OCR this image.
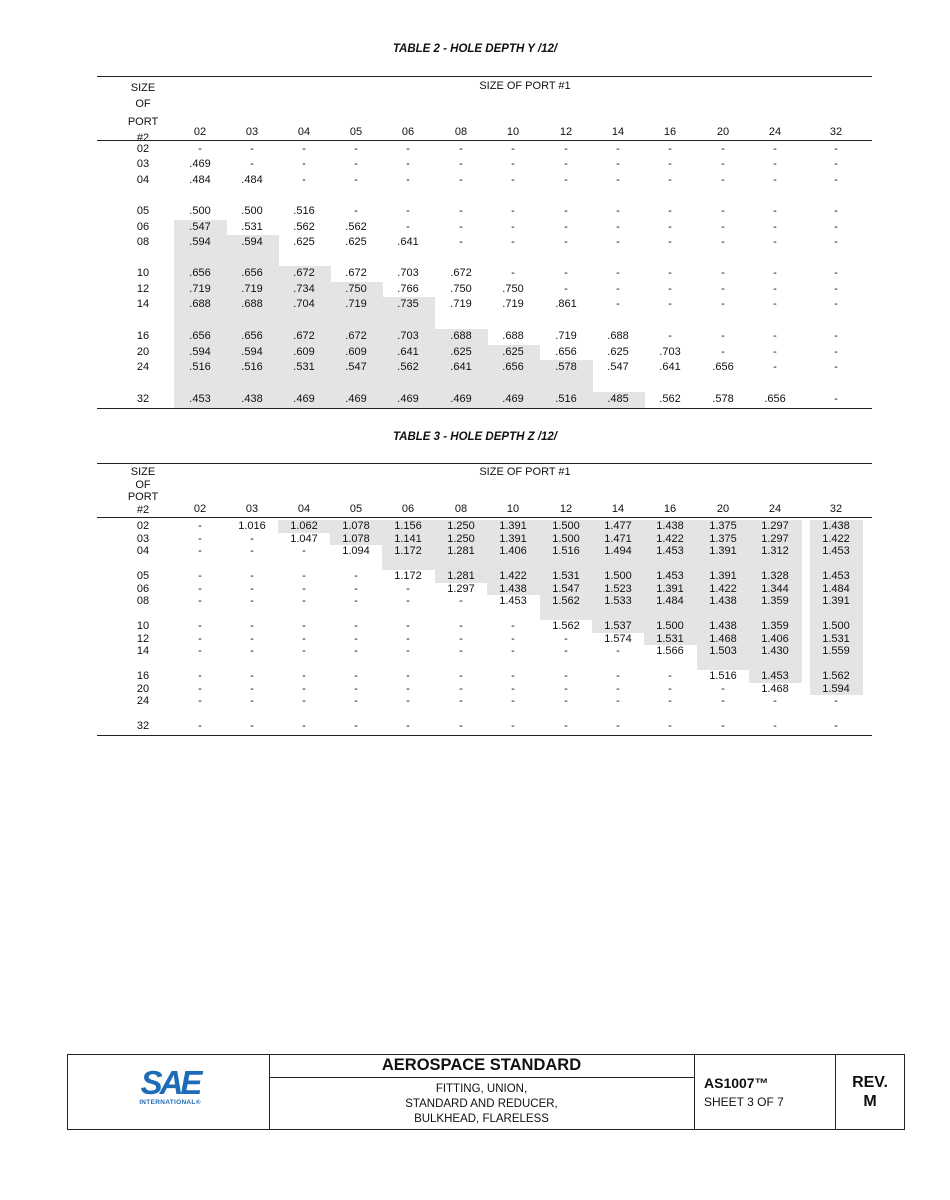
TABLE 2 - HOLE DEPTH Y /12/
SIZE
OF
PORT
#2
SIZE OF PORT #1
02	03	04	05	06	08	10	12	14	16	20	24	32
02	-	-	-	-	-	-	-	-	-	-	-	-	-
03	.469	-	-	-	-	-	-	-	-	-	-	-	-
04	.484	.484	-	-	-	-	-	-	-	-	-	-	-
05	.500	.500	.516	-	-	-	-	-	-	-	-	-	-
06	.547	.531	.562	.562	-	-	-	-	-	-	-	-	-
08	.594	.594	.625	.625	.641	-	-	-	-	-	-	-	-
10	.656	.656	.672	.672	.703	.672	-	-	-	-	-	-	-
12	.719	.719	.734	.750	.766	.750	.750	-	-	-	-	-	-
14	.688	.688	.704	.719	.735	.719	.719	.861	-	-	-	-	-
16	.656	.656	.672	.672	.703	.688	.688	.719	.688	-	-	-	-
20	.594	.594	.609	.609	.641	.625	.625	.656	.625	.703	-	-	-
24	.516	.516	.531	.547	.562	.641	.656	.578	.547	.641	.656	-	-
32	.453	.438	.469	.469	.469	.469	.469	.516	.485	.562	.578	.656	-
TABLE 3 - HOLE DEPTH Z /12/
SIZE
OF
PORT
#2
SIZE OF PORT #1
02	03	04	05	06	08	10	12	14	16	20	24	32
02	-	1.016	1.062	1.078	1.156	1.250	1.391	1.500	1.477	1.438	1.375	1.297	1.438
03	-	-	1.047	1.078	1.141	1.250	1.391	1.500	1.471	1.422	1.375	1.297	1.422
04	-	-	-	1.094	1.172	1.281	1.406	1.516	1.494	1.453	1.391	1.312	1.453
05	-	-	-	-	1.172	1.281	1.422	1.531	1.500	1.453	1.391	1.328	1.453
06	-	-	-	-	-	1.297	1.438	1.547	1.523	1.391	1.422	1.344	1.484
08	-	-	-	-	-	-	1.453	1.562	1.533	1.484	1.438	1.359	1.391
10	-	-	-	-	-	-	-	1.562	1.537	1.500	1.438	1.359	1.500
12	-	-	-	-	-	-	-	-	1.574	1.531	1.468	1.406	1.531
14	-	-	-	-	-	-	-	-	-	1.566	1.503	1.430	1.559
16	-	-	-	-	-	-	-	-	-	-	1.516	1.453	1.562
20	-	-	-	-	-	-	-	-	-	-	-	1.468	1.594
24	-	-	-	-	-	-	-	-	-	-	-	-	-
32	-	-	-	-	-	-	-	-	-	-	-	-	-
SAE
INTERNATIONAL®
AEROSPACE STANDARD
FITTING, UNION,
STANDARD AND REDUCER,
BULKHEAD, FLARELESS
AS1007™
SHEET 3 OF 7
REV.
M
